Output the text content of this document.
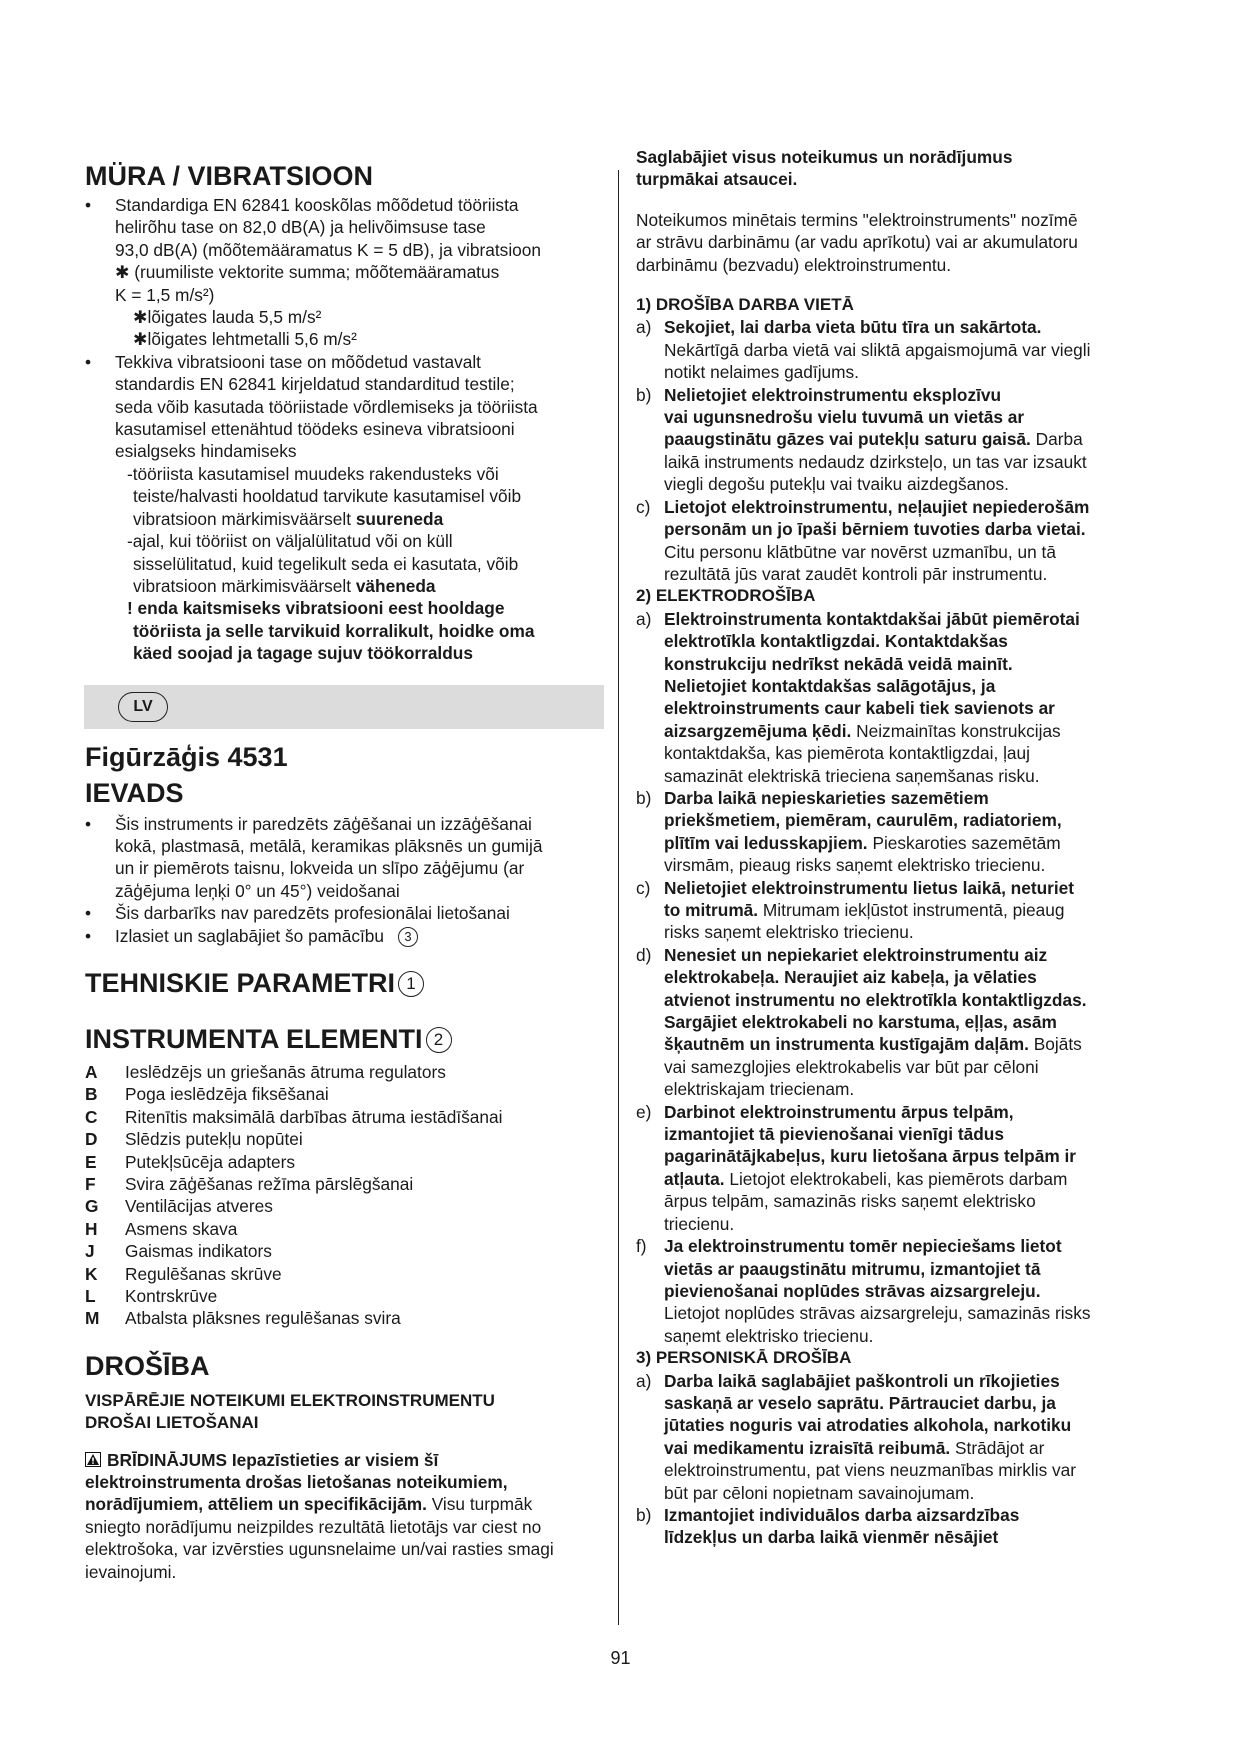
MÜRA / VIBRATSIOON
• Standardiga EN 62841 kooskõlas mõõdetud tööriista
helirõhu tase on 82,0 dB(A) ja helivõimsuse tase
93,0 dB(A) (mõõtemääramatus K = 5 dB), ja vibratsioon
✱ (ruumiliste vektorite summa; mõõtemääramatus
K = 1,5 m/s²)
✱lõigates lauda 5,5 m/s²
✱lõigates lehtmetalli 5,6 m/s²
• Tekkiva vibratsiooni tase on mõõdetud vastavalt
standardis EN 62841 kirjeldatud standarditud testile;
seda võib kasutada tööriistade võrdlemiseks ja tööriista
kasutamisel ettenähtud töödeks esineva vibratsiooni
esialgseks hindamiseks
-tööriista kasutamisel muudeks rakendusteks või
teiste/halvasti hooldatud tarvikute kasutamisel võib
vibratsioon märkimisväärselt suureneda
-ajal, kui tööriist on väljalülitatud või on küll
sisselülitatud, kuid tegelikult seda ei kasutata, võib
vibratsioon märkimisväärselt väheneda
! enda kaitsmiseks vibratsiooni eest hooldage
tööriista ja selle tarvikuid korralikult, hoidke oma
käed soojad ja tagage sujuv töökorraldus
LV
Figūrzāģis 4531
IEVADS
• Šis instruments ir paredzēts zāģēšanai un izzāģēšanai
kokā, plastmasā, metālā, keramikas plāksnēs un gumijā
un ir piemērots taisnu, lokveida un slīpo zāģējumu (ar
zāģējuma leņķi 0° un 45°) veidošanai
• Šis darbarīks nav paredzēts profesionālai lietošanai
• Izlasiet un saglabājiet šo pamācību 3
TEHNISKIE PARAMETRI 1
INSTRUMENTA ELEMENTI 2
A	Ieslēdzējs un griešanās ātruma regulators
B	Poga ieslēdzēja fiksēšanai
C	Ritenītis maksimālā darbības ātruma iestādīšanai
D	Slēdzis putekļu nopūtei
E	Putekļsūcēja adapters
F	Svira zāģēšanas režīma pārslēgšanai
G	Ventilācijas atveres
H	Asmens skava
J	Gaismas indikators
K	Regulēšanas skrūve
L	Kontrskrūve
M	Atbalsta plāksnes regulēšanas svira
DROŠĪBA
VISPĀRĒJIE NOTEIKUMI ELEKTROINSTRUMENTU
DROŠAI LIETOŠANAI
BRĪDINĀJUMS Iepazīstieties ar visiem šī
elektroinstrumenta drošas lietošanas noteikumiem,
norādījumiem, attēliem un specifikācijām. Visu turpmāk
sniegto norādījumu neizpildes rezultātā lietotājs var ciest no
elektrošoka, var izvērsties ugunsnelaime un/vai rasties smagi
ievainojumi.
Saglabājiet visus noteikumus un norādījumus
turpmākai atsaucei.
Noteikumos minētais termins "elektroinstruments" nozīmē
ar strāvu darbināmu (ar vadu aprīkotu) vai ar akumulatoru
darbināmu (bezvadu) elektroinstrumentu.
1) DROŠĪBA DARBA VIETĀ
a) Sekojiet, lai darba vieta būtu tīra un sakārtota.
Nekārtīgā darba vietā vai sliktā apgaismojumā var viegli
notikt nelaimes gadījums.
b) Nelietojiet elektroinstrumentu eksplozīvu
vai ugunsnedrošu vielu tuvumā un vietās ar
paaugstinātu gāzes vai putekļu saturu gaisā. Darba
laikā instruments nedaudz dzirksteļo, un tas var izsaukt
viegli degošu putekļu vai tvaiku aizdegšanos.
c) Lietojot elektroinstrumentu, neļaujiet nepiederošām
personām un jo īpaši bērniem tuvoties darba vietai.
Citu personu klātbūtne var novērst uzmanību, un tā
rezultātā jūs varat zaudēt kontroli pār instrumentu.
2) ELEKTRODROŠĪBA
a) Elektroinstrumenta kontaktdakšai jābūt piemērotai
elektrotīkla kontaktligzdai. Kontaktdakšas
konstrukciju nedrīkst nekādā veidā mainīt.
Nelietojiet kontaktdakšas salāgotājus, ja
elektroinstruments caur kabeli tiek savienots ar
aizsargzemējuma ķēdi. Neizmainītas konstrukcijas
kontaktdakša, kas piemērota kontaktligzdai, ļauj
samazināt elektriskā trieciena saņemšanas risku.
b) Darba laikā nepieskarieties sazemētiem
priekšmetiem, piemēram, caurulēm, radiatoriem,
plītīm vai ledusskapjiem. Pieskaroties sazemētām
virsmām, pieaug risks saņemt elektrisko triecienu.
c) Nelietojiet elektroinstrumentu lietus laikā, neturiet
to mitrumā. Mitrumam iekļūstot instrumentā, pieaug
risks saņemt elektrisko triecienu.
d) Nenesiet un nepiekariet elektroinstrumentu aiz
elektrokabeļa. Neraujiet aiz kabeļa, ja vēlaties
atvienot instrumentu no elektrotīkla kontaktligzdas.
Sargājiet elektrokabeli no karstuma, eļļas, asām
šķautnēm un instrumenta kustīgajām daļām. Bojāts
vai samezglojies elektrokabelis var būt par cēloni
elektriskajam triecienam.
e) Darbinot elektroinstrumentu ārpus telpām,
izmantojiet tā pievienošanai vienīgi tādus
pagarinātājkabeļus, kuru lietošana ārpus telpām ir
atļauta. Lietojot elektrokabeli, kas piemērots darbam
ārpus telpām, samazinās risks saņemt elektrisko
triecienu.
f) Ja elektroinstrumentu tomēr nepieciešams lietot
vietās ar paaugstinātu mitrumu, izmantojiet tā
pievienošanai noplūdes strāvas aizsargreleju.
Lietojot noplūdes strāvas aizsargreleju, samazinās risks
saņemt elektrisko triecienu.
3) PERSONISKĀ DROŠĪBA
a) Darba laikā saglabājiet paškontroli un rīkojieties
saskaņā ar veselo saprātu. Pārtrauciet darbu, ja
jūtaties noguris vai atrodaties alkohola, narkotiku
vai medikamentu izraisītā reibumā. Strādājot ar
elektroinstrumentu, pat viens neuzmanības mirklis var
būt par cēloni nopietnam savainojumam.
b) Izmantojiet individuālos darba aizsardzības
līdzekļus un darba laikā vienmēr nēsājiet
91
